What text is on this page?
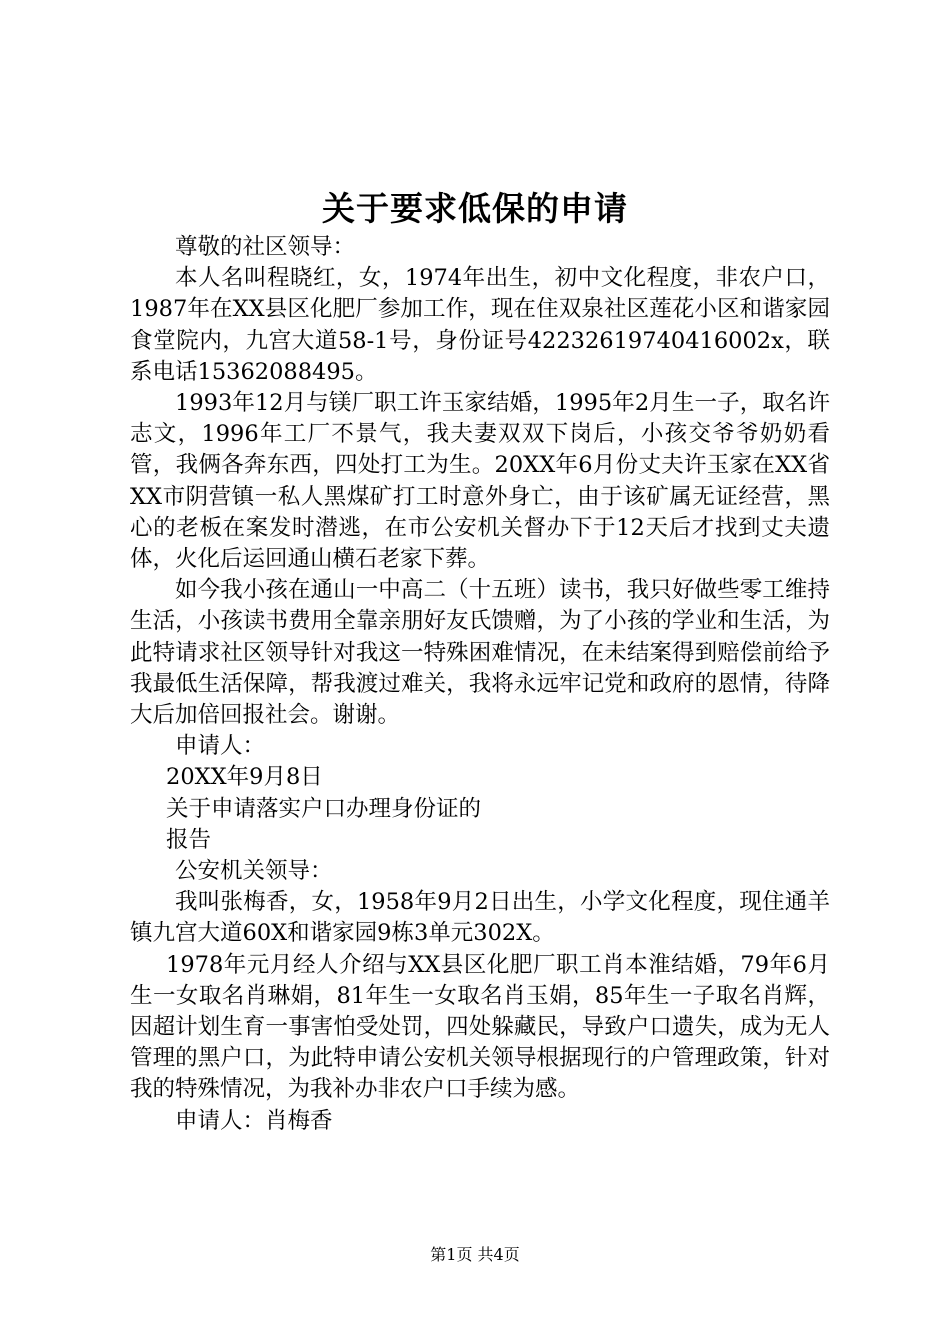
关于要求低保的申请

尊敬的社区领导：

本人名叫程晓红，女，1974年出生，初中文化程度，非农户口，1987年在XX县区化肥厂参加工作，现在住双泉社区莲花小区和谐家园食堂院内，九宫大道58-1号，身份证号42232619740416002x，联系电话15362088495。

1993年12月与镁厂职工许玉家结婚，1995年2月生一子，取名许志文，1996年工厂不景气，我夫妻双双下岗后，小孩交爷爷奶奶看管，我俩各奔东西，四处打工为生。20XX年6月份丈夫许玉家在XX省XX市阴营镇一私人黑煤矿打工时意外身亡，由于该矿属无证经营，黑心的老板在案发时潜逃，在市公安机关督办下于12天后才找到丈夫遗体，火化后运回通山横石老家下葬。

如今我小孩在通山一中高二（十五班）读书，我只好做些零工维持生活，小孩读书费用全靠亲朋好友氏馈赠，为了小孩的学业和生活，为此特请求社区领导针对我这一特殊困难情况，在未结案得到赔偿前给予我最低生活保障，帮我渡过难关，我将永远牢记党和政府的恩情，待降大后加倍回报社会。谢谢。

申请人：

20XX年9月8日

关于申请落实户口办理身份证的

报告

公安机关领导：

我叫张梅香，女，1958年9月2日出生，小学文化程度，现住通羊镇九宫大道60X和谐家园9栋3单元302X。

1978年元月经人介绍与XX县区化肥厂职工肖本淮结婚，79年6月生一女取名肖琳娟，81年生一女取名肖玉娟，85年生一子取名肖辉，因超计划生育一事害怕受处罚，四处躲藏民，导致户口遗失，成为无人管理的黑户口，为此特申请公安机关领导根据现行的户管理政策，针对我的特殊情况，为我补办非农户口手续为感。

申请人：肖梅香

第1页 共4页
